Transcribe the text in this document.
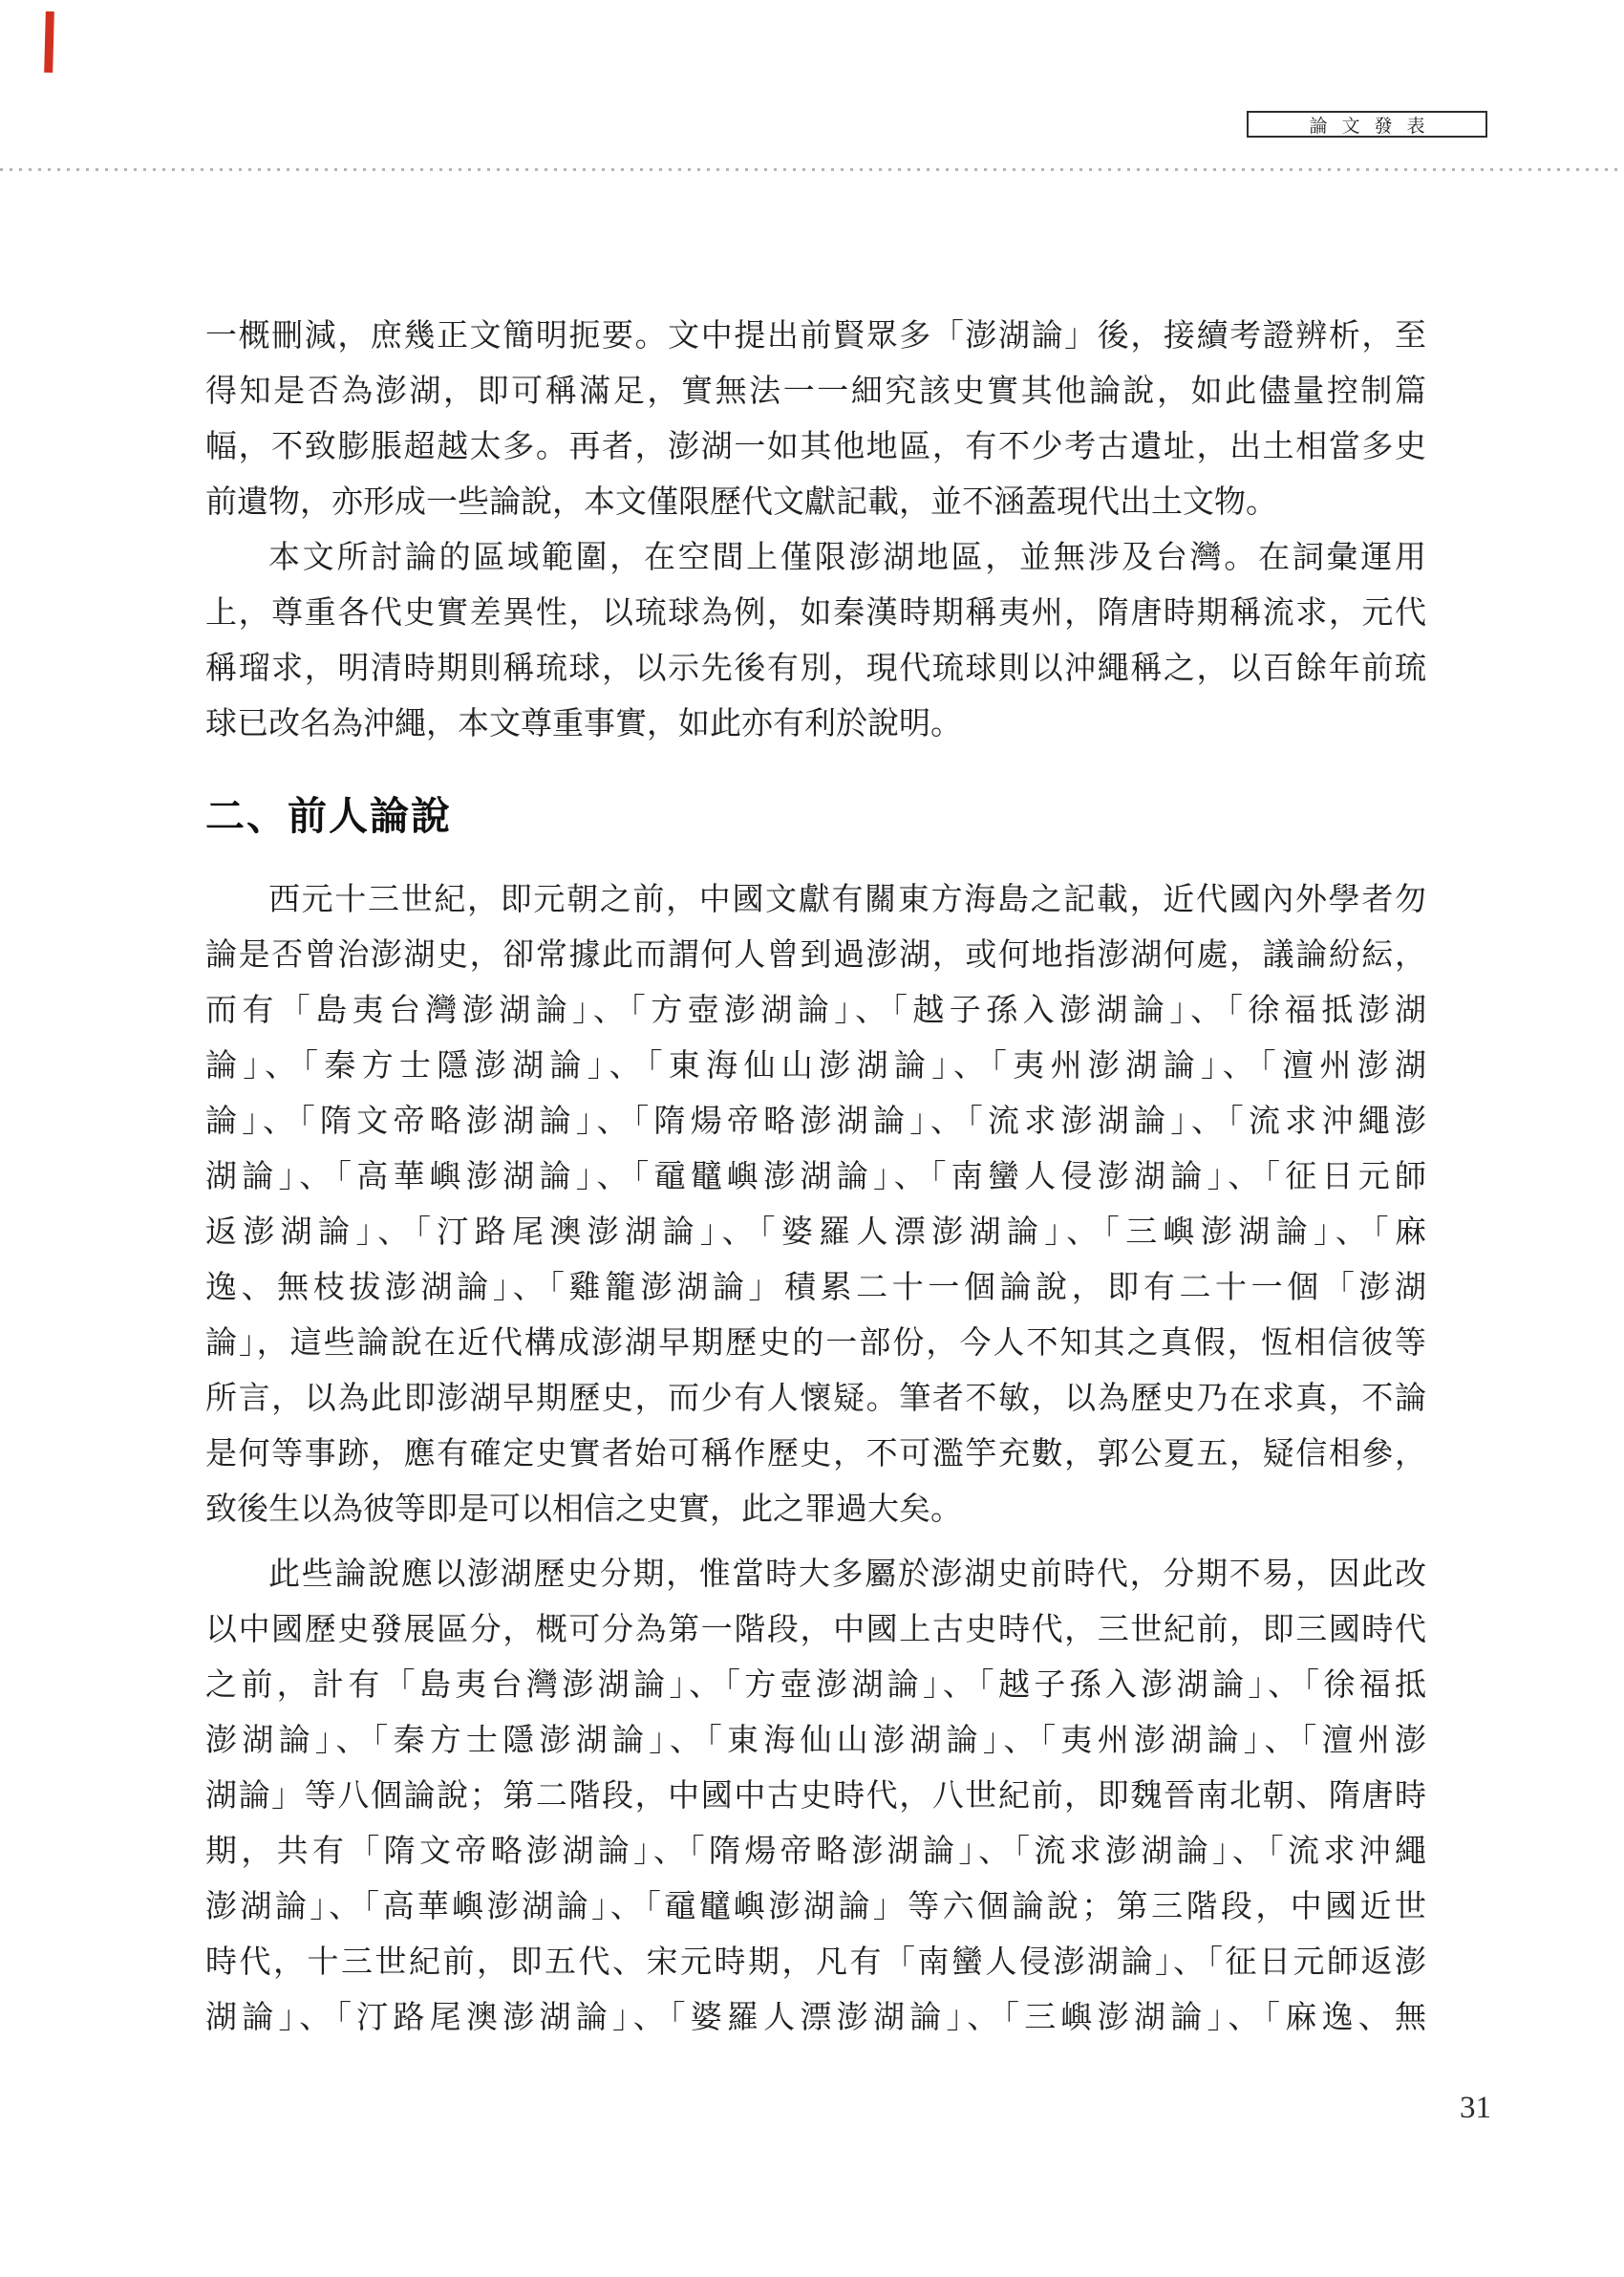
論文發表
一概刪減，庶幾正文簡明扼要。文中提出前賢眾多「澎湖論」後，接續考證辨析，至
得知是否為澎湖，即可稱滿足，實無法一一細究該史實其他論說，如此儘量控制篇
幅，不致膨脹超越太多。再者，澎湖一如其他地區，有不少考古遺址，出土相當多史
前遺物，亦形成一些論說，本文僅限歷代文獻記載，並不涵蓋現代出土文物。
本文所討論的區域範圍，在空間上僅限澎湖地區，並無涉及台灣。在詞彙運用
上，尊重各代史實差異性，以琉球為例，如秦漢時期稱夷州，隋唐時期稱流求，元代
稱瑠求，明清時期則稱琉球，以示先後有別，現代琉球則以沖繩稱之，以百餘年前琉
球已改名為沖繩，本文尊重事實，如此亦有利於說明。
二、前人論說
西元十三世紀，即元朝之前，中國文獻有關東方海島之記載，近代國內外學者勿
論是否曾治澎湖史，卻常據此而謂何人曾到過澎湖，或何地指澎湖何處，議論紛紜，
而有「島夷台灣澎湖論」、「方壺澎湖論」、「越子孫入澎湖論」、「徐福抵澎湖
論」、「秦方士隱澎湖論」、「東海仙山澎湖論」、「夷州澎湖論」、「澶州澎湖
論」、「隋文帝略澎湖論」、「隋煬帝略澎湖論」、「流求澎湖論」、「流求沖繩澎
湖論」、「高華嶼澎湖論」、「黿鼊嶼澎湖論」、「南蠻人侵澎湖論」、「征日元師
返澎湖論」、「汀路尾澳澎湖論」、「婆羅人漂澎湖論」、「三嶼澎湖論」、「麻
逸、無枝拔澎湖論」、「雞籠澎湖論」積累二十一個論說，即有二十一個「澎湖
論」，這些論說在近代構成澎湖早期歷史的一部份，今人不知其之真假，恆相信彼等
所言，以為此即澎湖早期歷史，而少有人懷疑。筆者不敏，以為歷史乃在求真，不論
是何等事跡，應有確定史實者始可稱作歷史，不可濫竽充數，郭公夏五，疑信相參，
致後生以為彼等即是可以相信之史實，此之罪過大矣。
此些論說應以澎湖歷史分期，惟當時大多屬於澎湖史前時代，分期不易，因此改
以中國歷史發展區分，概可分為第一階段，中國上古史時代，三世紀前，即三國時代
之前，計有「島夷台灣澎湖論」、「方壺澎湖論」、「越子孫入澎湖論」、「徐福抵
澎湖論」、「秦方士隱澎湖論」、「東海仙山澎湖論」、「夷州澎湖論」、「澶州澎
湖論」等八個論說；第二階段，中國中古史時代，八世紀前，即魏晉南北朝、隋唐時
期，共有「隋文帝略澎湖論」、「隋煬帝略澎湖論」、「流求澎湖論」、「流求沖繩
澎湖論」、「高華嶼澎湖論」、「黿鼊嶼澎湖論」等六個論說；第三階段，中國近世
時代，十三世紀前，即五代、宋元時期，凡有「南蠻人侵澎湖論」、「征日元師返澎
湖論」、「汀路尾澳澎湖論」、「婆羅人漂澎湖論」、「三嶼澎湖論」、「麻逸、無
31
